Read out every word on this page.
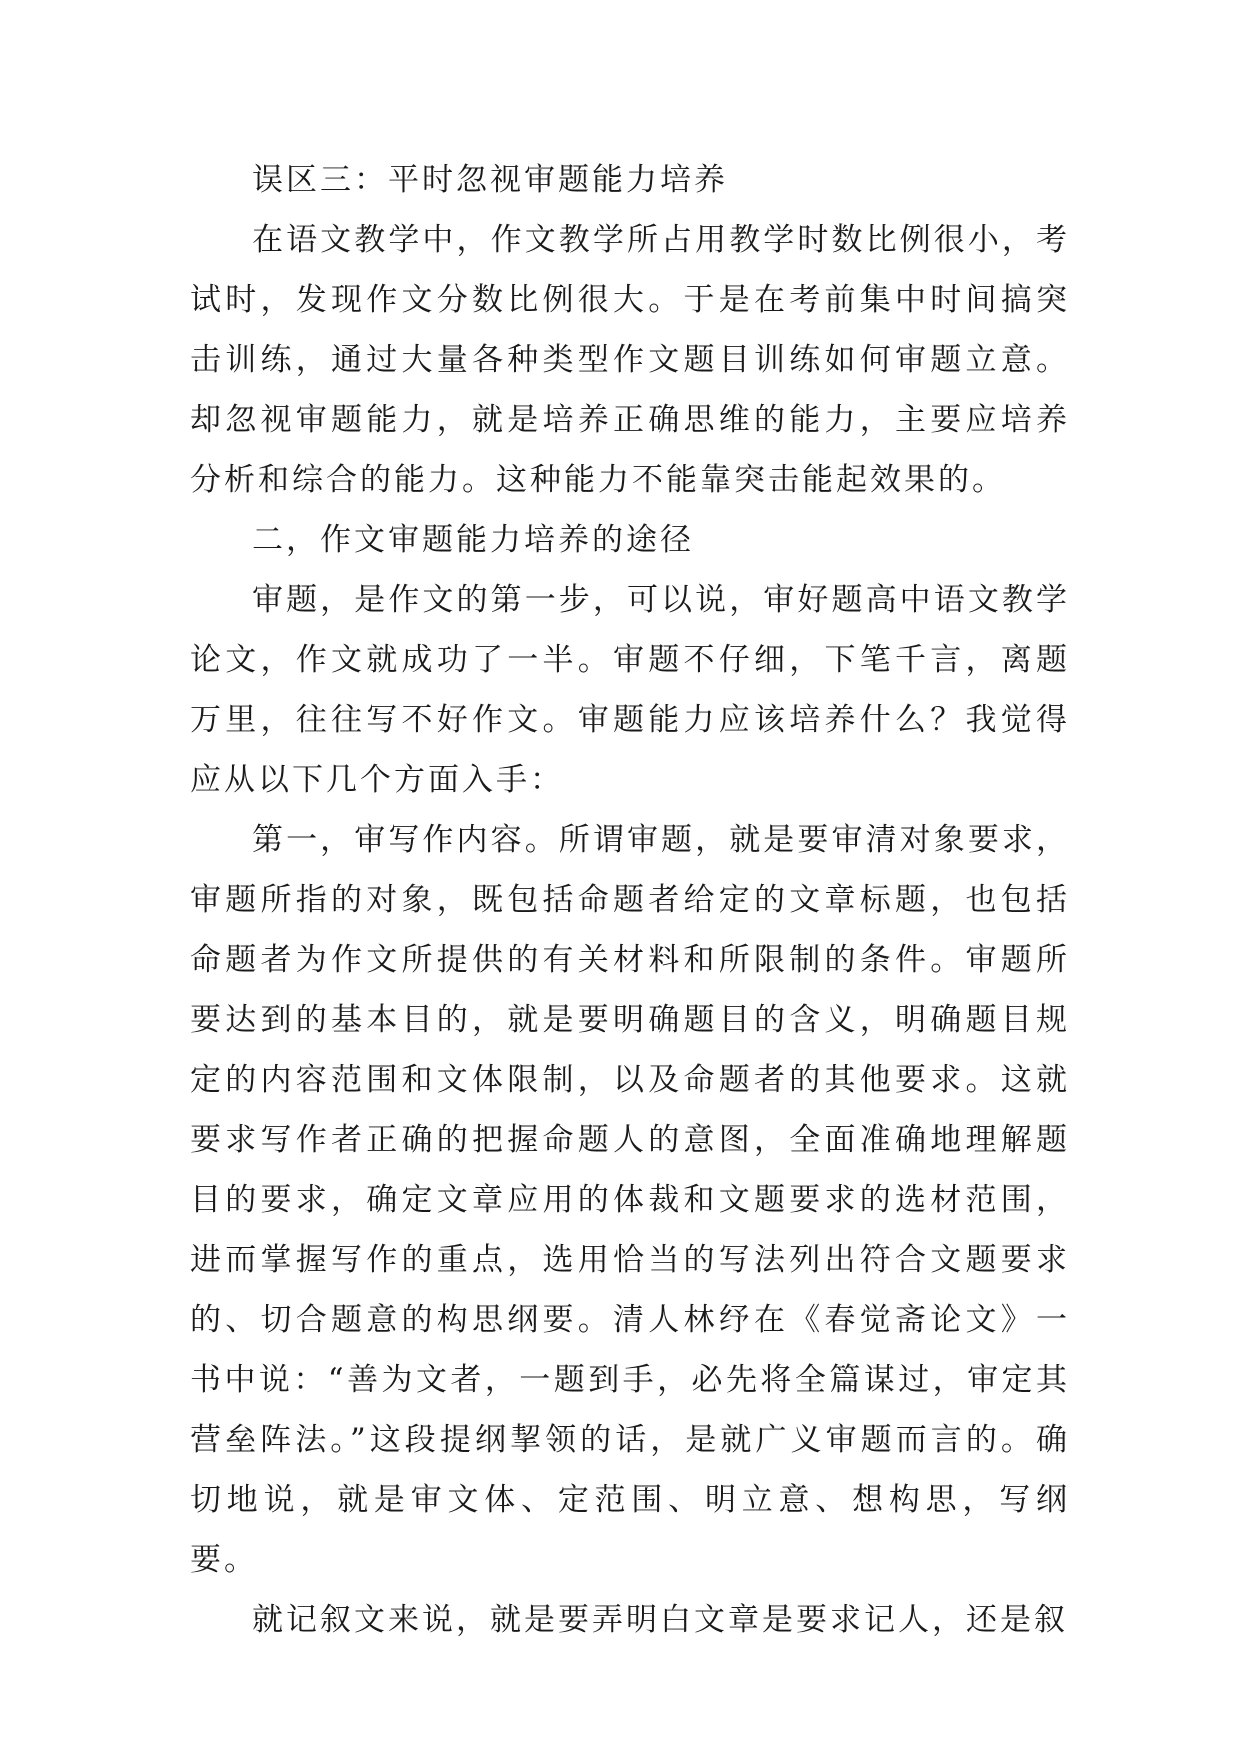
误区三：平时忽视审题能力培养

在语文教学中，作文教学所占用教学时数比例很小，考试时，发现作文分数比例很大。于是在考前集中时间搞突击训练，通过大量各种类型作文题目训练如何审题立意。却忽视审题能力，就是培养正确思维的能力，主要应培养分析和综合的能力。这种能力不能靠突击能起效果的。

二，作文审题能力培养的途径

审题，是作文的第一步，可以说，审好题高中语文教学论文，作文就成功了一半。审题不仔细，下笔千言，离题万里，往往写不好作文。审题能力应该培养什么？我觉得应从以下几个方面入手：

第一，审写作内容。所谓审题，就是要审清对象要求，审题所指的对象，既包括命题者给定的文章标题，也包括命题者为作文所提供的有关材料和所限制的条件。审题所要达到的基本目的，就是要明确题目的含义，明确题目规定的内容范围和文体限制，以及命题者的其他要求。这就要求写作者正确的把握命题人的意图，全面准确地理解题目的要求，确定文章应用的体裁和文题要求的选材范围，进而掌握写作的重点，选用恰当的写法列出符合文题要求的、切合题意的构思纲要。清人林纾在《春觉斋论文》一书中说：“善为文者，一题到手，必先将全篇谋过，审定其营垒阵法。”这段提纲挈领的话，是就广义审题而言的。确切地说，就是审文体、定范围、明立意、想构思，写纲要。

就记叙文来说，就是要弄明白文章是要求记人，还是叙
